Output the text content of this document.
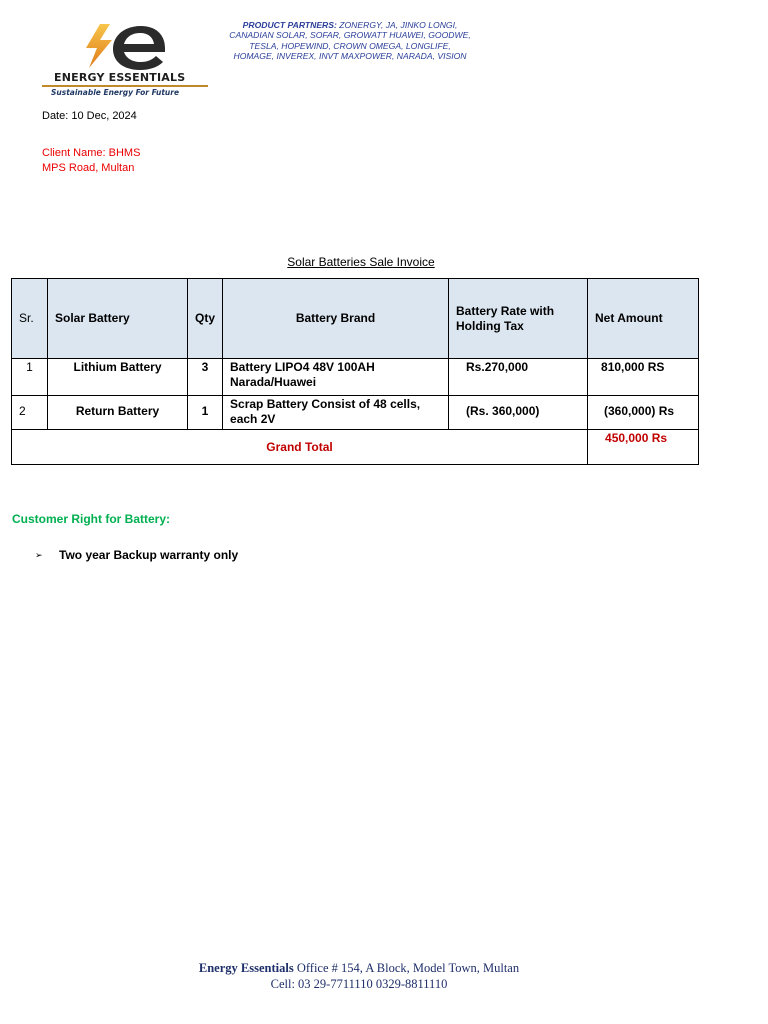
ENERGY ESSENTIALS
Sustainable Energy For Future
PRODUCT PARTNERS: ZONERGY, JA, JINKO LONGI, CANADIAN SOLAR, SOFAR, GROWATT HUAWEI, GOODWE, TESLA, HOPEWIND, CROWN OMEGA, LONGLIFE, HOMAGE, INVEREX, INVT MAXPOWER, NARADA, VISION
Date: 10 Dec, 2024
Client Name: BHMS
MPS Road, Multan
Solar Batteries Sale Invoice
Sr.	Solar Battery	Qty	Battery Brand	Battery Rate with Holding Tax	Net Amount

1	Lithium Battery	3	Battery LIPO4 48V 100AH Narada/Huawei	Rs.270,000	810,000 RS

2	Return Battery	1	Scrap Battery Consist of 48 cells, each 2V	(Rs. 360,000)	(360,000) Rs

Grand Total					450,000 Rs
Customer Right for Battery:
➢ Two year Backup warranty only
Energy Essentials Office # 154, A Block, Model Town, Multan
Cell: 03 29-7711110 0329-8811110
